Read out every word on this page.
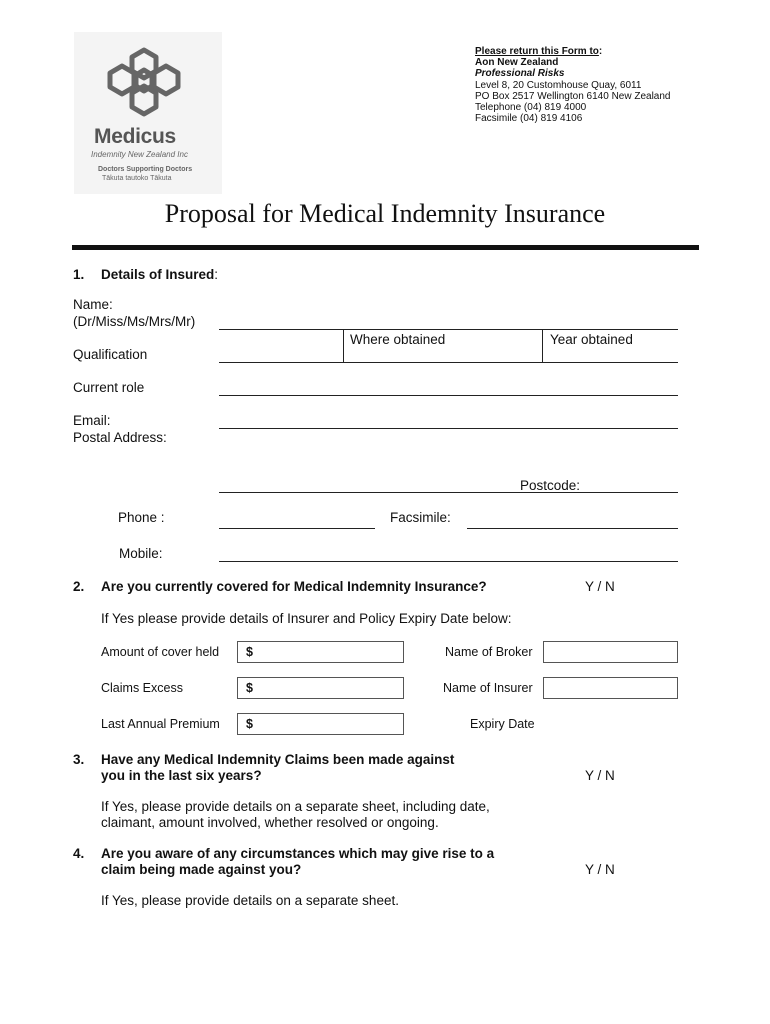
Medicus
Indemnity New Zealand Inc
Doctors Supporting Doctors
Tākuta tautoko Tākuta
Please return this Form to:
Aon New Zealand
Professional Risks
Level 8, 20 Customhouse Quay, 6011
PO Box 2517 Wellington 6140 New Zealand
Telephone (04) 819 4000
Facsimile (04) 819 4106
Proposal for Medical Indemnity Insurance
1. Details of Insured:
Name:
(Dr/Miss/Ms/Mrs/Mr)
Where obtained	Year obtained
Qualification
Current role
Email:
Postal Address:
Postcode:
Phone :	Facsimile:
Mobile:
2. Are you currently covered for Medical Indemnity Insurance?	Y / N
If Yes please provide details of Insurer and Policy Expiry Date below:
Amount of cover held $	Name of Broker
Claims Excess	$	Name of Insurer
Last Annual Premium $	Expiry Date
3. Have any Medical Indemnity Claims been made against
you in the last six years?	Y / N
If Yes, please provide details on a separate sheet, including date,
claimant, amount involved, whether resolved or ongoing.
4. Are you aware of any circumstances which may give rise to a
claim being made against you?	Y / N
If Yes, please provide details on a separate sheet.
